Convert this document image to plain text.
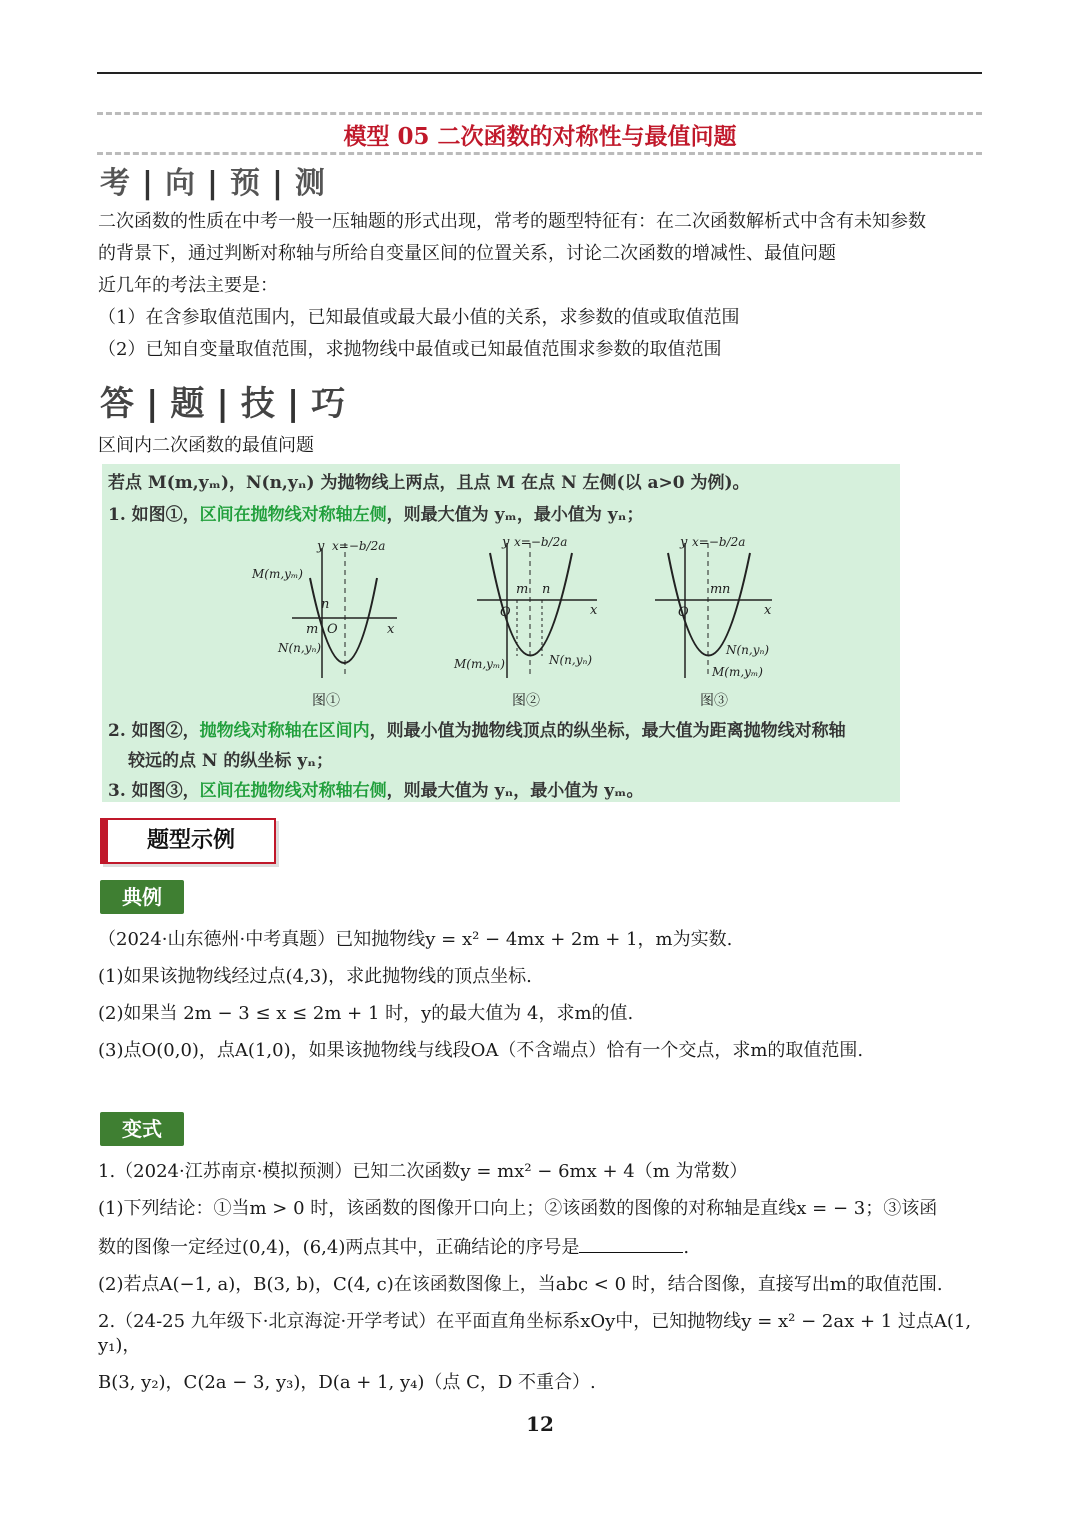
模型 05 二次函数的对称性与最值问题
考 | 向 | 预 | 测
二次函数的性质在中考一般一压轴题的形式出现，常考的题型特征有：在二次函数解析式中含有未知参数
的背景下，通过判断对称轴与所给自变量区间的位置关系，讨论二次函数的增减性、最值问题
近几年的考法主要是：
（1）在含参取值范围内，已知最值或最大最小值的关系，求参数的值或取值范围
（2）已知自变量取值范围，求抛物线中最值或已知最值范围求参数的取值范围
答 | 题 | 技 | 巧
区间内二次函数的最值问题
若点 M(m,yₘ)，N(n,yₙ) 为抛物线上两点，且点 M 在点 N 左侧(以 a>0 为例)。
1. 如图①，区间在抛物线对称轴左侧，则最大值为 yₘ，最小值为 yₙ；
y x=−b/2a
M(m,yₘ)
N(n,yₙ)
O
m
n
x
图①
y x=−b/2a
O
m n
x
M(m,yₘ)	N(n,yₙ)
图②
y x=−b/2a
O
m n
x
N(n,yₙ)
M(m,yₘ)
图③
2. 如图②，抛物线对称轴在区间内，则最小值为抛物线顶点的纵坐标，最大值为距离抛物线对称轴
较远的点 N 的纵坐标 yₙ；
3. 如图③，区间在抛物线对称轴右侧，则最大值为 yₙ，最小值为 yₘ。
题型示例
典例
（2024·山东德州·中考真题）已知抛物线y = x² − 4mx + 2m + 1，m为实数.
(1)如果该抛物线经过点(4,3)，求此抛物线的顶点坐标.
(2)如果当 2m − 3 ≤ x ≤ 2m + 1 时，y的最大值为 4，求m的值.
(3)点O(0,0)，点A(1,0)，如果该抛物线与线段OA（不含端点）恰有一个交点，求m的取值范围.
变式
1.（2024·江苏南京·模拟预测）已知二次函数y = mx² − 6mx + 4（m 为常数）
(1)下列结论：①当m > 0 时，该函数的图像开口向上；②该函数的图像的对称轴是直线x = − 3；③该函
数的图像一定经过(0,4)，(6,4)两点其中，正确结论的序号是	.
(2)若点A(−1, a)，B(3, b)，C(4, c)在该函数图像上，当abc < 0 时，结合图像，直接写出m的取值范围.
2.（24-25 九年级下·北京海淀·开学考试）在平面直角坐标系xOy中，已知抛物线y = x² − 2ax + 1 过点A(1, y₁)，
B(3, y₂)，C(2a − 3, y₃)，D(a + 1, y₄)（点 C，D 不重合）.
12
